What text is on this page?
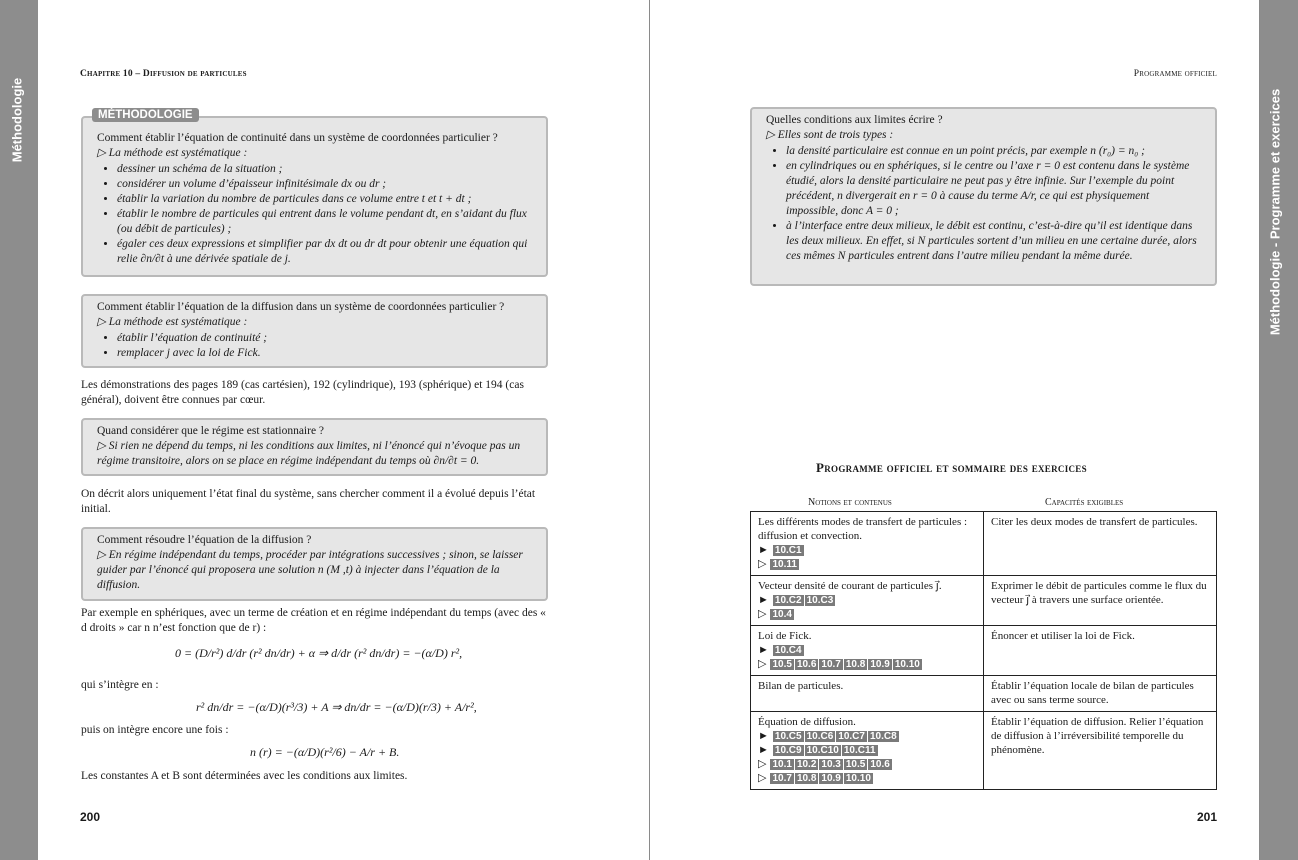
Méthodologie	Méthodologie - Programme et exercices
Chapitre 10 – Diffusion de particules

Comment établir l’équation de continuité dans un système de coordonnées particulier ?

▷ La méthode est systématique :

• dessiner un schéma de la situation ;
• considérer un volume d’épaisseur infinitésimale dx ou dr ;
• établir la variation du nombre de particules dans ce volume entre t et t + dt ;
• établir le nombre de particules qui entrent dans le volume pendant dt, en s’aidant du flux (ou débit de particules) ;
• égaler ces deux expressions et simplifier par dx dt ou dr dt pour obtenir une équation qui relie ∂n/∂t à une dérivée spatiale de j.
MÉTHODOLOGIE

Comment établir l’équation de la diffusion dans un système de coordonnées particulier ?

▷ La méthode est systématique :

• établir l’équation de continuité ;
• remplacer j avec la loi de Fick.

Les démonstrations des pages 189 (cas cartésien), 192 (cylindrique), 193 (sphérique) et 194 (cas général), doivent être connues par cœur.

Quand considérer que le régime est stationnaire ?

▷ Si rien ne dépend du temps, ni les conditions aux limites, ni l’énoncé qui n’évoque pas un régime transitoire, alors on se place en régime indépendant du temps où ∂n/∂t = 0.

On décrit alors uniquement l’état final du système, sans chercher comment il a évolué depuis l’état initial.

Comment résoudre l’équation de la diffusion ?

▷ En régime indépendant du temps, procéder par intégrations successives ; sinon, se laisser guider par l’énoncé qui proposera une solution n (M ,t) à injecter dans l’équation de la diffusion.

Par exemple en sphériques, avec un terme de création et en régime indépendant du temps (avec des « d droits » car n n’est fonction que de r) :

0 = (D/r²) d/dr (r² dn/dr) + α ⇒ d/dr (r² dn/dr) = −(α/D) r²,

qui s’intègre en :

r² dn/dr = −(α/D)(r³/3) + A ⇒ dn/dr = −(α/D)(r/3) + A/r²,

puis on intègre encore une fois :

n (r) = −(α/D)(r²/6) − A/r + B.

Les constantes A et B sont déterminées avec les conditions aux limites.

200
Programme officiel

Quelles conditions aux limites écrire ?

▷ Elles sont de trois types :

• la densité particulaire est connue en un point précis, par exemple n (r₀) = n₀ ;
• en cylindriques ou en sphériques, si le centre ou l’axe r = 0 est contenu dans le système étudié, alors la densité particulaire ne peut pas y être infinie. Sur l’exemple du point précédent, n divergerait en r = 0 à cause du terme A/r, ce qui est physiquement impossible, donc A = 0 ;
• à l’interface entre deux milieux, le débit est continu, c’est-à-dire qu’il est identique dans les deux milieux. En effet, si N particules sortent d’un milieu en une certaine durée, alors ces mêmes N particules entrent dans l’autre milieu pendant la même durée.
Programme officiel et sommaire des exercices
Notions et contenus	Capacités exigibles
Les différents modes de transfert de particules : diffusion et convection.
► 10.C1
▷ 10.11	Citer les deux modes de transfert de particules.

Vecteur densité de courant de particules j⃗.
► 10.C2 10.C3
▷ 10.4	Exprimer le débit de particules comme le flux du vecteur j⃗ à travers une surface orientée.

Loi de Fick.
► 10.C4
▷ 10.5 10.6 10.7 10.8 10.9 10.10	Énoncer et utiliser la loi de Fick.

Bilan de particules.	Établir l’équation locale de bilan de particules avec ou sans terme source.

Équation de diffusion.
► 10.C5 10.C6 10.C7 10.C8
► 10.C9 10.C10 10.C11
▷ 10.1 10.2 10.3 10.5 10.6
▷ 10.7 10.8 10.9 10.10	Établir l’équation de diffusion. Relier l’équation de diffusion à l’irréversibilité temporelle du phénomène.
201
